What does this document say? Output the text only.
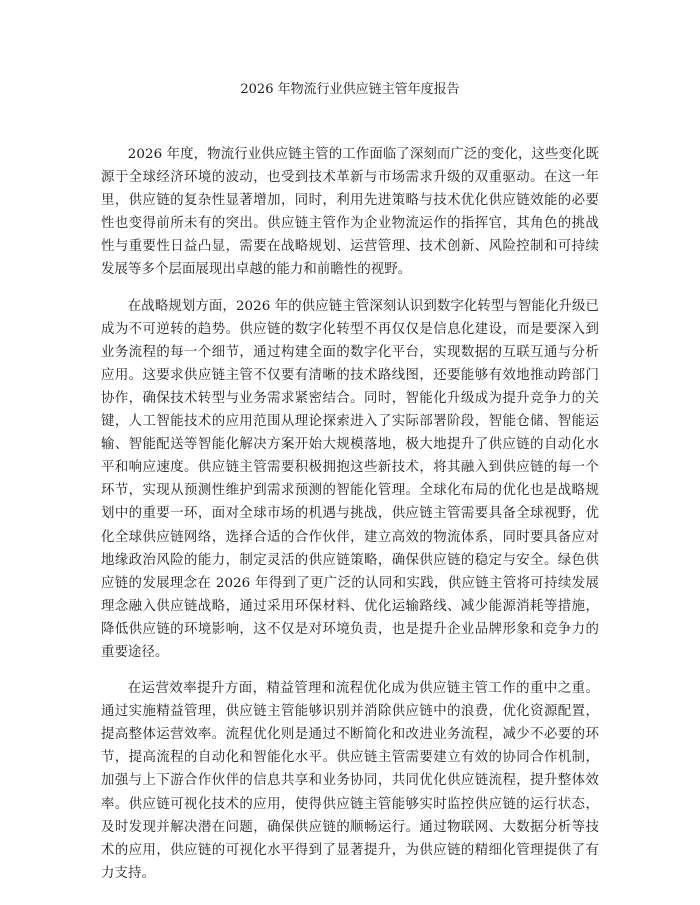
2026 年物流行业供应链主管年度报告

2026 年度，物流行业供应链主管的工作面临了深刻而广泛的变化，这些变化既源于全球经济环境的波动，也受到技术革新与市场需求升级的双重驱动。在这一年里，供应链的复杂性显著增加，同时，利用先进策略与技术优化供应链效能的必要性也变得前所未有的突出。供应链主管作为企业物流运作的指挥官，其角色的挑战性与重要性日益凸显，需要在战略规划、运营管理、技术创新、风险控制和可持续发展等多个层面展现出卓越的能力和前瞻性的视野。

在战略规划方面，2026 年的供应链主管深刻认识到数字化转型与智能化升级已成为不可逆转的趋势。供应链的数字化转型不再仅仅是信息化建设，而是要深入到业务流程的每一个细节，通过构建全面的数字化平台，实现数据的互联互通与分析应用。这要求供应链主管不仅要有清晰的技术路线图，还要能够有效地推动跨部门协作，确保技术转型与业务需求紧密结合。同时，智能化升级成为提升竞争力的关键，人工智能技术的应用范围从理论探索进入了实际部署阶段，智能仓储、智能运输、智能配送等智能化解决方案开始大规模落地，极大地提升了供应链的自动化水平和响应速度。供应链主管需要积极拥抱这些新技术，将其融入到供应链的每一个环节，实现从预测性维护到需求预测的智能化管理。全球化布局的优化也是战略规划中的重要一环，面对全球市场的机遇与挑战，供应链主管需要具备全球视野，优化全球供应链网络，选择合适的合作伙伴，建立高效的物流体系，同时要具备应对地缘政治风险的能力，制定灵活的供应链策略，确保供应链的稳定与安全。绿色供应链的发展理念在 2026 年得到了更广泛的认同和实践，供应链主管将可持续发展理念融入供应链战略，通过采用环保材料、优化运输路线、减少能源消耗等措施，降低供应链的环境影响，这不仅是对环境负责，也是提升企业品牌形象和竞争力的重要途径。

在运营效率提升方面，精益管理和流程优化成为供应链主管工作的重中之重。通过实施精益管理，供应链主管能够识别并消除供应链中的浪费，优化资源配置，提高整体运营效率。流程优化则是通过不断简化和改进业务流程，减少不必要的环节，提高流程的自动化和智能化水平。供应链主管需要建立有效的协同合作机制，加强与上下游合作伙伴的信息共享和业务协同，共同优化供应链流程，提升整体效率。供应链可视化技术的应用，使得供应链主管能够实时监控供应链的运行状态，及时发现并解决潜在问题，确保供应链的顺畅运行。通过物联网、大数据分析等技术的应用，供应链的可视化水平得到了显著提升，为供应链的精细化管理提供了有力支持。
